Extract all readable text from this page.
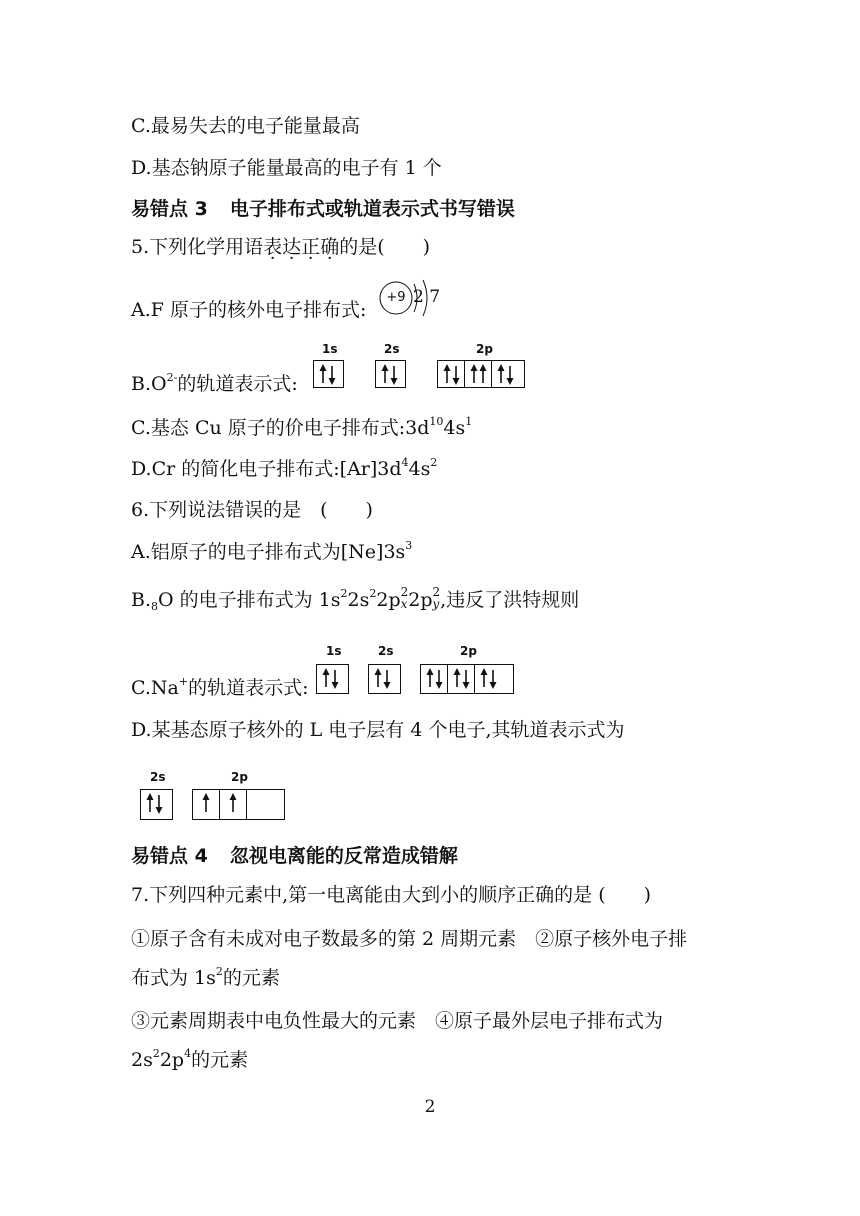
C.最易失去的电子能量最高
D.基态钠原子能量最高的电子有 1 个
易错点 3 电子排布式或轨道表示式书写错误
5.下列化学用语表达正确的是(　　)
A.F 原子的核外电子排布式:
+9 2 7
1s	2s	2p
$B.O^{2-}$的轨道表示式:
C.基态 Cu 原子的价电子排布式$:3d^{10}4s^1$
D.Cr 的简化电子排布式$:[Ar]3d^44s^2$
6.下列说法错误的是　(　　)
A.铝原子的电子排布式为$[Ne]3s^3$
$B._8O$ 的电子排布式为 $1s^22s^22p$ 2
x 2p 2
y ,违反了洪特规则
1s	2s	2p
C.Na+的轨道表示式:
D.某基态原子核外的 L 电子层有 4 个电子,其轨道表示式为
2s	2p
易错点 4 忽视电离能的反常造成错解
7.下列四种元素中,第一电离能由大到小的顺序正确的是 (　　)
①原子含有未成对电子数最多的第 2 周期元素　②原子核外电子排
布式为 $1s^2$的元素
③元素周期表中电负性最大的元素　④原子最外层电子排布式为
$2s^22p^4$的元素
2
